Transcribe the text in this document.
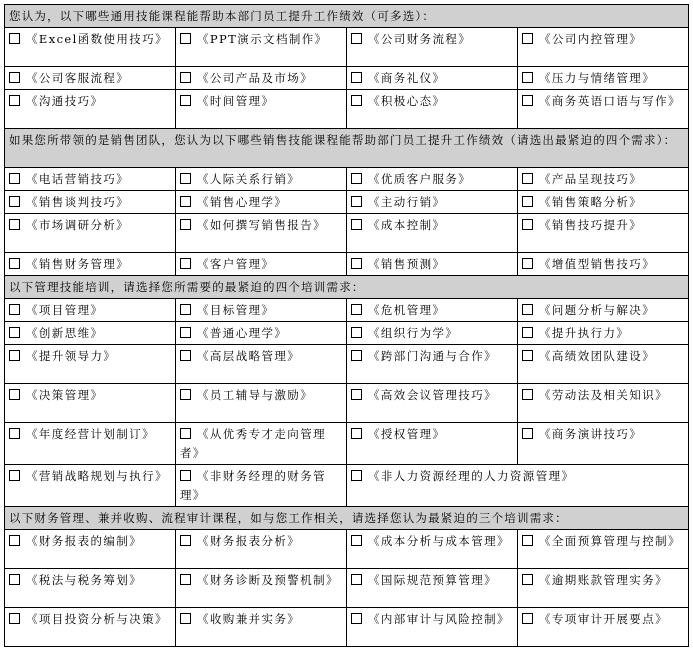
您认为，以下哪些通用技能课程能帮助本部门员工提升工作绩效（可多选）：			
《Excel函数使用技巧》	《PPT演示文档制作》	《公司财务流程》	《公司内控管理》
《公司客服流程》	《公司产品及市场》	《商务礼仪》	《压力与情绪管理》
《沟通技巧》	《时间管理》	《积极心态》	《商务英语口语与写作》
如果您所带领的是销售团队，您认为以下哪些销售技能课程能帮助部门员工提升工作绩效（请选出最紧迫的四个需求）：			
《电话营销技巧》	《人际关系行销》	《优质客户服务》	《产品呈现技巧》
《销售谈判技巧》	《销售心理学》	《主动行销》	《销售策略分析》
《市场调研分析》	《如何撰写销售报告》	《成本控制》	《销售技巧提升》
《销售财务管理》	《客户管理》	《销售预测》	《增值型销售技巧》
以下管理技能培训，请选择您所需要的最紧迫的四个培训需求：			
《项目管理》	《目标管理》	《危机管理》	《问题分析与解决》
《创新思维》	《普通心理学》	《组织行为学》	《提升执行力》
《提升领导力》	《高层战略管理》	《跨部门沟通与合作》	《高绩效团队建设》
《决策管理》	《员工辅导与激励》	《高效会议管理技巧》	《劳动法及相关知识》
《年度经营计划制订》	《从优秀专才走向管理者》	《授权管理》	《商务演讲技巧》
《营销战略规划与执行》	《非财务经理的财务管理》	《非人力资源经理的人力资源管理》	
以下财务管理、兼并收购、流程审计课程，如与您工作相关，请选择您认为最紧迫的三个培训需求：			
《财务报表的编制》	《财务报表分析》	《成本分析与成本管理》	《全面预算管理与控制》
《税法与税务筹划》	《财务诊断及预警机制》	《国际规范预算管理》	《逾期账款管理实务》
《项目投资分析与决策》	《收购兼并实务》	《内部审计与风险控制》	《专项审计开展要点》
